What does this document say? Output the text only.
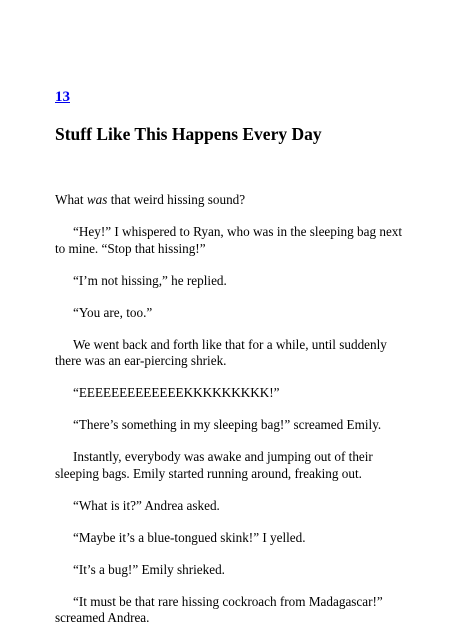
13
Stuff Like This Happens Every Day

What was that weird hissing sound?

“Hey!” I whispered to Ryan, who was in the sleeping bag next to mine. “Stop that hissing!”

“I’m not hissing,” he replied.

“You are, too.”

We went back and forth like that for a while, until suddenly there was an ear-piercing shriek.

“EEEEEEEEEEEEEKKKKKKKKK!”

“There’s something in my sleeping bag!” screamed Emily.

Instantly, everybody was awake and jumping out of their sleeping bags. Emily started running around, freaking out.

“What is it?” Andrea asked.

“Maybe it’s a blue-tongued skink!” I yelled.

“It’s a bug!” Emily shrieked.

“It must be that rare hissing cockroach from Madagascar!” screamed Andrea.
